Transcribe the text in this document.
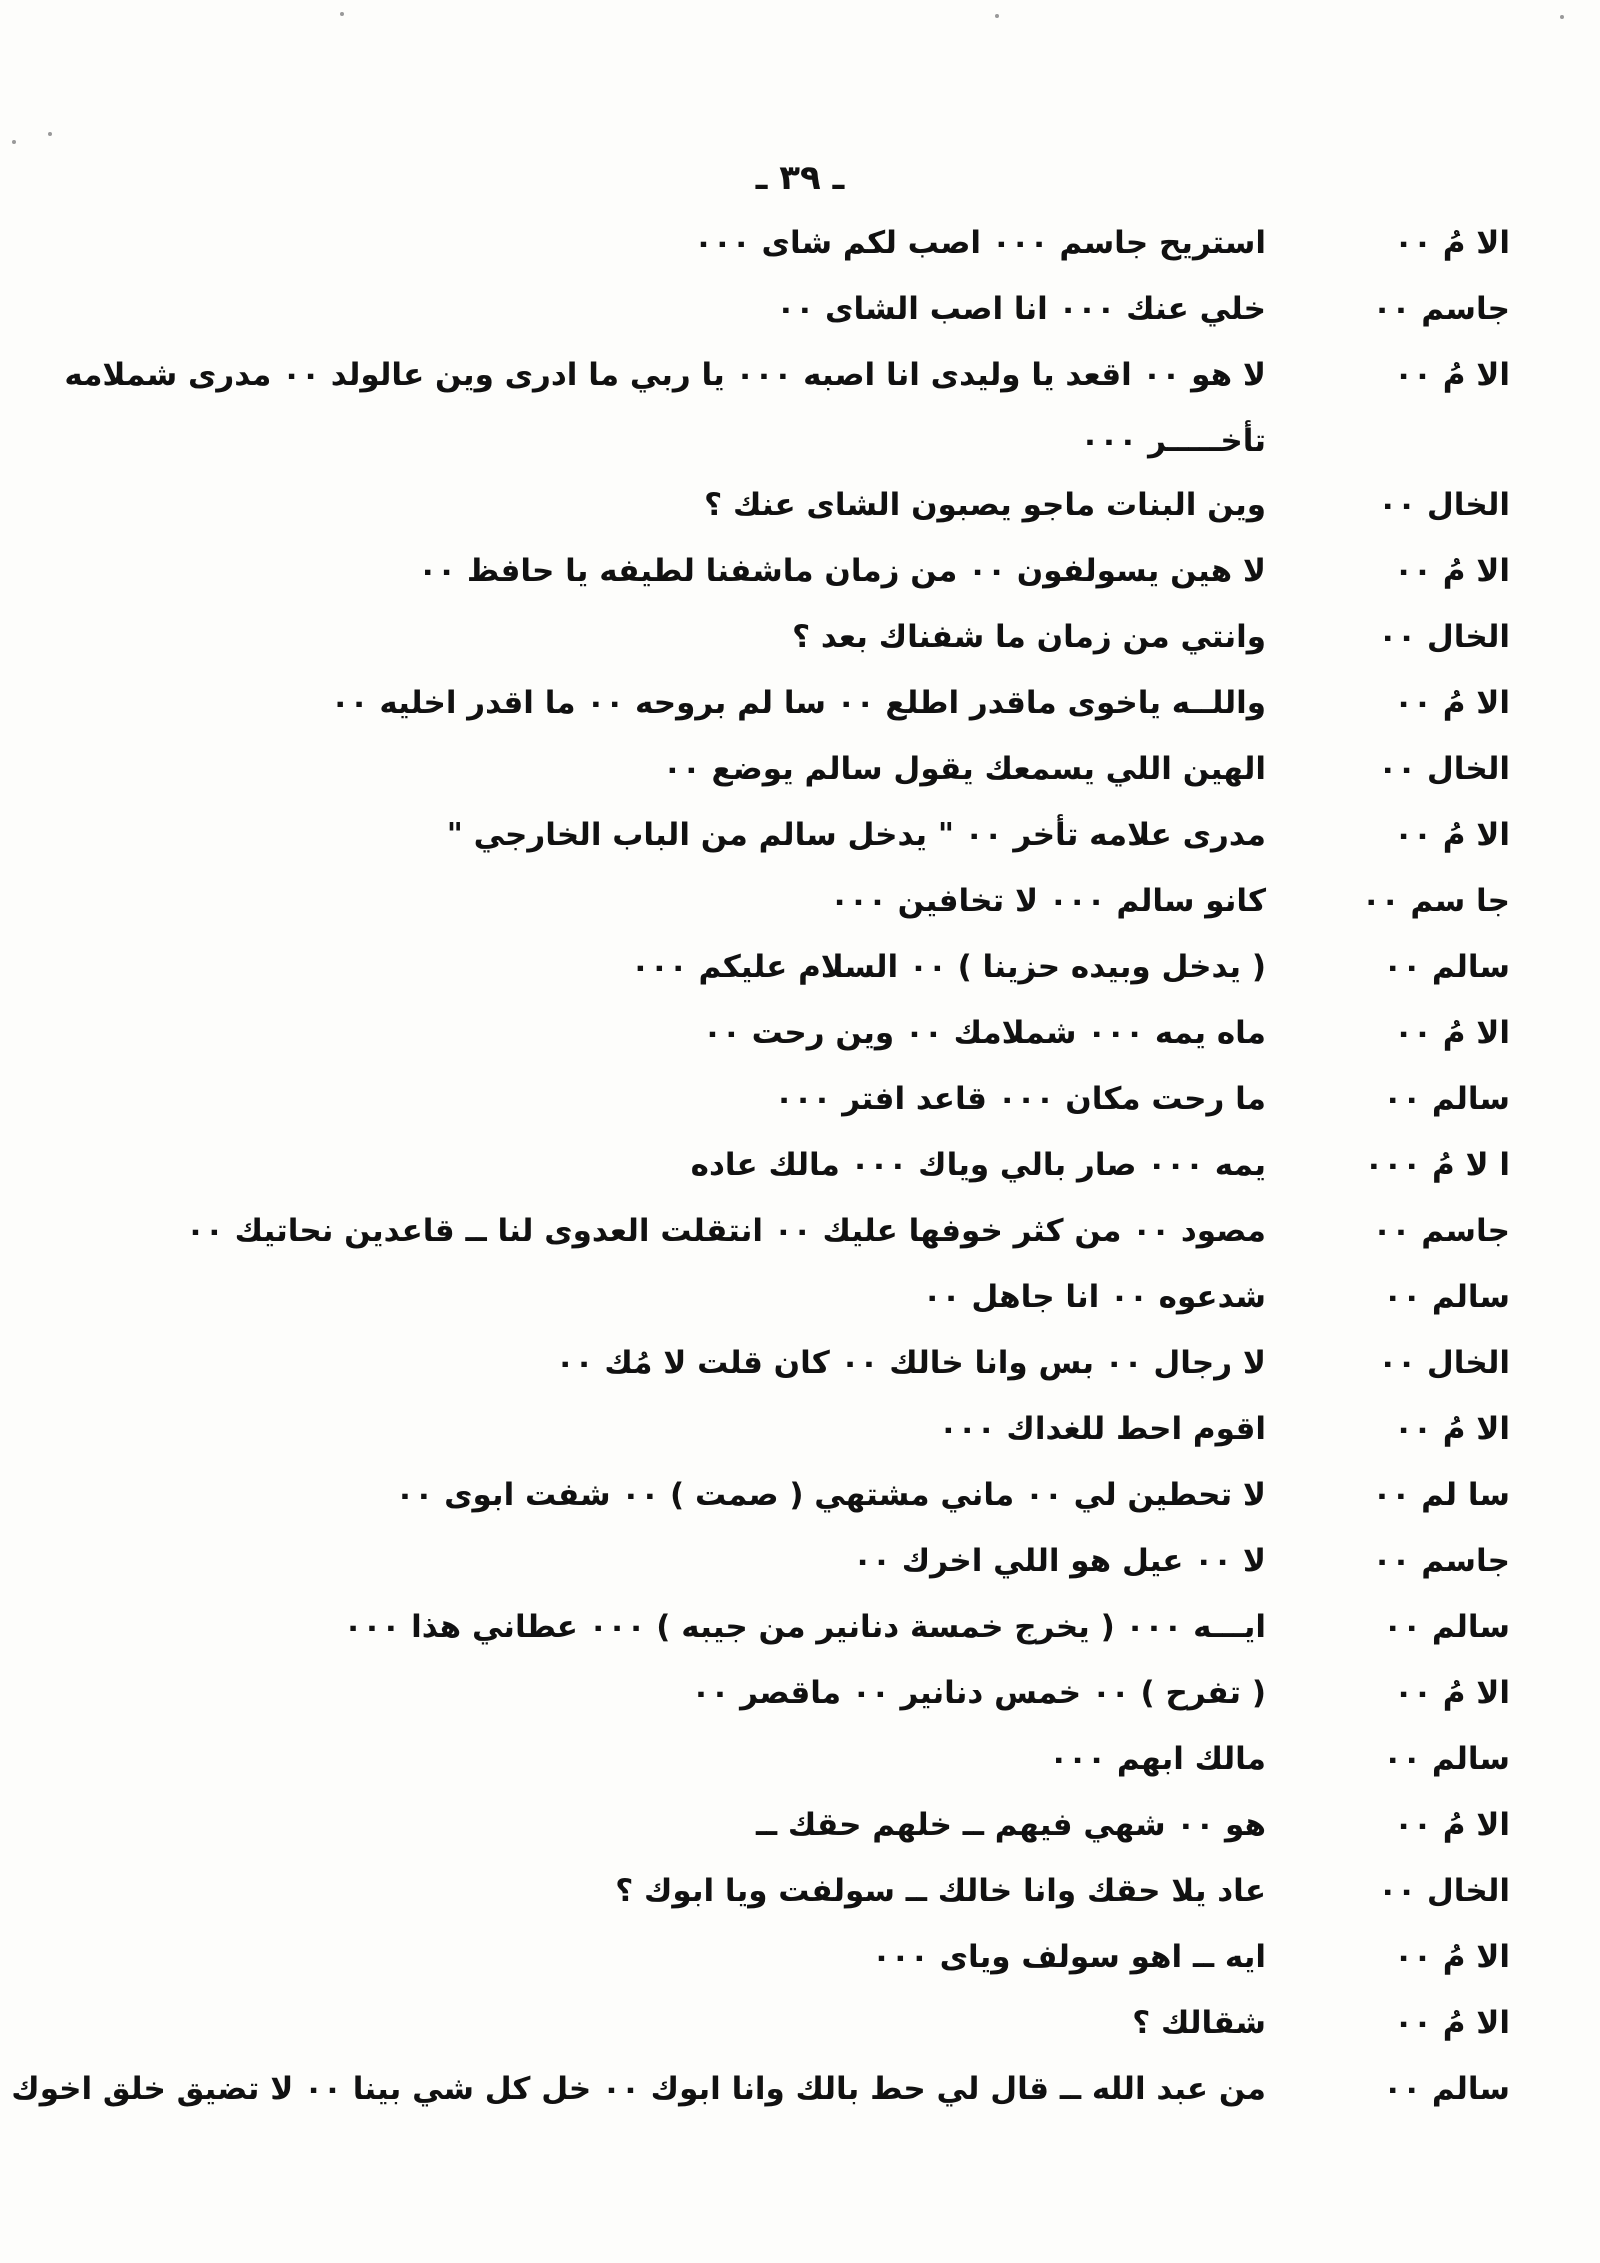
ـ ٣٩ ـ
الا مُ ٠٠
استريح جاسم ٠٠٠ اصب لكم شاى ٠٠٠
جاسم ٠٠
خلي عنك ٠٠٠ انا اصب الشاى ٠٠
الا مُ ٠٠
لا هو ٠٠ اقعد يا وليدى انا اصبه ٠٠٠ يا ربي ما ادرى وين عالولد ٠٠ مدرى شملامه
تأخـــــر ٠٠٠
الخال ٠٠
وين البنات ماجو يصبون الشاى عنك ؟
الا مُ ٠٠
لا هين يسولفون ٠٠ من زمان ماشفنا لطيفه يا حافظ ٠٠
الخال ٠٠
وانتي من زمان ما شفناك بعد ؟
الا مُ ٠٠
واللــه ياخوى ماقدر اطلع ٠٠ سا لم بروحه ٠٠ ما اقدر اخليه ٠٠
الخال ٠٠
الهين اللي يسمعك يقول سالم يوضع ٠٠
الا مُ ٠٠
مدرى علامه تأخر ٠٠ " يدخل سالم من الباب الخارجي "
جا سم ٠٠
كانو سالم ٠٠٠ لا تخافين ٠٠٠
سالم ٠٠
( يدخل وبيده حزينا ) ٠٠ السلام عليكم ٠٠٠
الا مُ ٠٠
ماه يمه ٠٠٠ شملامك ٠٠ وين رحت ٠٠
سالم ٠٠
ما رحت مكان ٠٠٠ قاعد افتر ٠٠٠
ا لا مُ ٠٠٠
يمه ٠٠٠ صار بالي وياك ٠٠٠ مالك عاده
جاسم ٠٠
مصود ٠٠ من كثر خوفها عليك ٠٠ انتقلت العدوى لنا ــ قاعدين نحاتيك ٠٠
سالم ٠٠
شدعوه ٠٠ انا جاهل ٠٠
الخال ٠٠
لا رجال ٠٠ بس وانا خالك ٠٠ كان قلت لا مُك ٠٠
الا مُ ٠٠
اقوم احط للغداك ٠٠٠
سا لم ٠٠
لا تحطين لي ٠٠ ماني مشتهي ( صمت ) ٠٠ شفت ابوى ٠٠
جاسم ٠٠
لا ٠٠ عيل هو اللي اخرك ٠٠
سالم ٠٠
ايـــه ٠٠٠ ( يخرج خمسة دنانير من جيبه ) ٠٠٠ عطاني هذا ٠٠٠
الا مُ ٠٠
( تفرح ) ٠٠ خمس دنانير ٠٠ ماقصر ٠٠
سالم ٠٠
مالك ابهم ٠٠٠
الا مُ ٠٠
هو ٠٠ شهي فيهم ــ خلهم حقك ــ
الخال ٠٠
عاد يلا حقك وانا خالك ــ سولفت ويا ابوك ؟
الا مُ ٠٠
ايه ــ اهو سولف وياى ٠٠٠
الا مُ ٠٠
شقالك ؟
سالم ٠٠
من عبد الله ــ قال لي حط بالك وانا ابوك ٠٠ خل كل شي بينا ٠٠ لا تضيق خلق اخوك
